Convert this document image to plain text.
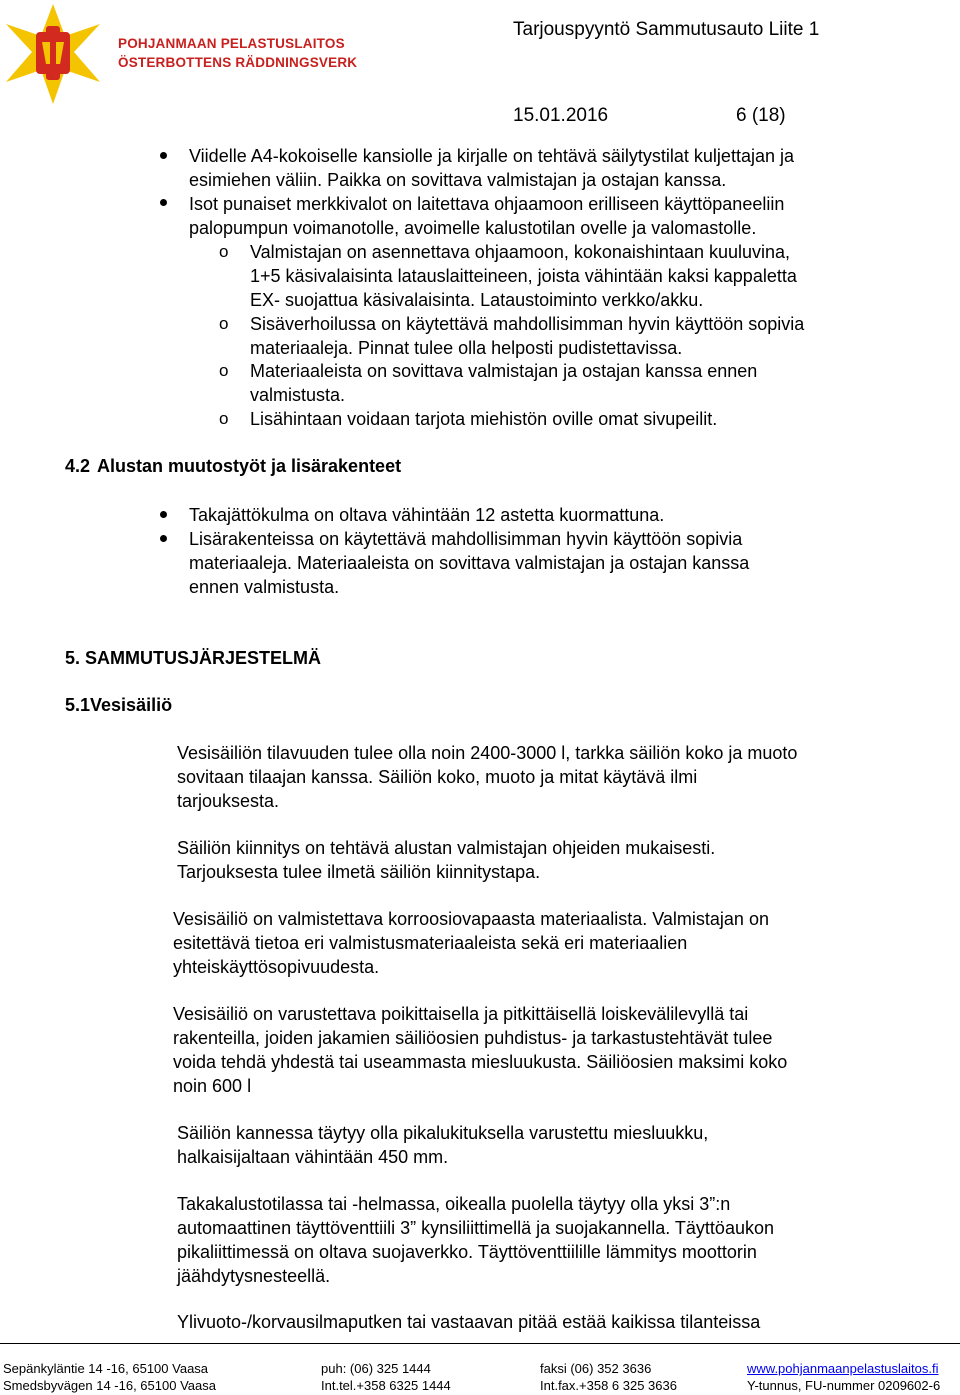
POHJANMAAN PELASTUSLAITOS
ÖSTERBOTTENS RÄDDNINGSVERK
Tarjouspyyntö Sammutusauto Liite 1
15.01.2016	6 (18)
Viidelle A4-kokoiselle kansiolle ja kirjalle on tehtävä säilytystilat kuljettajan ja
esimiehen väliin. Paikka on sovittava valmistajan ja ostajan kanssa.
Isot punaiset merkkivalot on laitettava ohjaamoon erilliseen käyttöpaneeliin
palopumpun voimanotolle, avoimelle kalustotilan ovelle ja valomastolle.
o Valmistajan on asennettava ohjaamoon, kokonaishintaan kuuluvina,
1+5 käsivalaisinta latauslaitteineen, joista vähintään kaksi kappaletta
EX- suojattua käsivalaisinta. Lataustoiminto verkko/akku.
o Sisäverhoilussa on käytettävä mahdollisimman hyvin käyttöön sopivia
materiaaleja. Pinnat tulee olla helposti pudistettavissa.
o Materiaaleista on sovittava valmistajan ja ostajan kanssa ennen
valmistusta.
o Lisähintaan voidaan tarjota miehistön oville omat sivupeilit.
4.2 Alustan muutostyöt ja lisärakenteet
Takajättökulma on oltava vähintään 12 astetta kuormattuna.
Lisärakenteissa on käytettävä mahdollisimman hyvin käyttöön sopivia
materiaaleja. Materiaaleista on sovittava valmistajan ja ostajan kanssa
ennen valmistusta.
5. SAMMUTUSJÄRJESTELMÄ
5.1Vesisäiliö
Vesisäiliön tilavuuden tulee olla noin 2400-3000 l, tarkka säiliön koko ja muoto
sovitaan tilaajan kanssa. Säiliön koko, muoto ja mitat käytävä ilmi
tarjouksesta.
Säiliön kiinnitys on tehtävä alustan valmistajan ohjeiden mukaisesti.
Tarjouksesta tulee ilmetä säiliön kiinnitystapa.
Vesisäiliö on valmistettava korroosiovapaasta materiaalista. Valmistajan on
esitettävä tietoa eri valmistusmateriaaleista sekä eri materiaalien
yhteiskäyttösopivuudesta.
Vesisäiliö on varustettava poikittaisella ja pitkittäisellä loiskevälilevyllä tai
rakenteilla, joiden jakamien säiliöosien puhdistus- ja tarkastustehtävät tulee
voida tehdä yhdestä tai useammasta miesluukusta. Säiliöosien maksimi koko
noin 600 l
Säiliön kannessa täytyy olla pikalukituksella varustettu miesluukku,
halkaisijaltaan vähintään 450 mm.
Takakalustotilassa tai -helmassa, oikealla puolella täytyy olla yksi 3”:n
automaattinen täyttöventtiili 3” kynsiliittimellä ja suojakannella. Täyttöaukon
pikaliittimessä on oltava suojaverkko. Täyttöventtiilille lämmitys moottorin
jäähdytysnesteellä.
Ylivuoto-/korvausilmaputken tai vastaavan pitää estää kaikissa tilanteissa
Sepänkyläntie 14 -16, 65100 Vaasa	puh: (06) 325 1444	faksi (06) 352 3636	www.pohjanmaanpelastuslaitos.fi
Smedsbyvägen 14 -16, 65100 Vaasa	Int.tel.+358 6325 1444	Int.fax.+358 6 325 3636	Y-tunnus, FU-nummer 0209602-6
